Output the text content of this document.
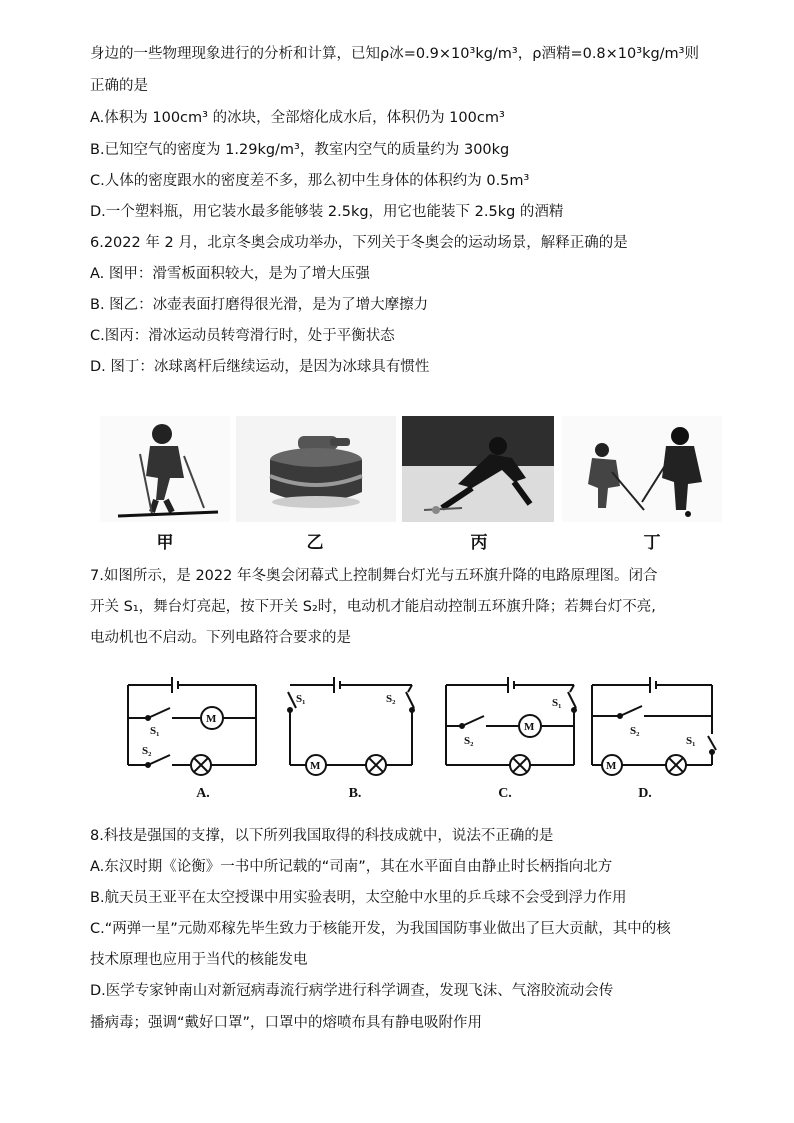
身边的一些物理现象进行的分析和计算，已知ρ冰=0.9×10³kg/m³，ρ酒精=0.8×10³kg/m³则
正确的是
A.体积为 100cm³ 的冰块，全部熔化成水后，体积仍为 100cm³
B.已知空气的密度为 1.29kg/m³，教室内空气的质量约为 300kg
C.人体的密度跟水的密度差不多，那么初中生身体的体积约为 0.5m³
D.一个塑料瓶，用它装水最多能够装 2.5kg，用它也能装下 2.5kg 的酒精
6.2022 年 2 月，北京冬奥会成功举办，下列关于冬奥会的运动场景，解释正确的是
A. 图甲：滑雪板面积较大，是为了增大压强
B. 图乙：冰壶表面打磨得很光滑，是为了增大摩擦力
C.图丙：滑冰运动员转弯滑行时，处于平衡状态
D. 图丁：冰球离杆后继续运动，是因为冰球具有惯性
甲	乙	丙	丁
7.如图所示，是 2022 年冬奥会闭幕式上控制舞台灯光与五环旗升降的电路原理图。闭合
开关 S₁，舞台灯亮起，按下开关 S₂时，电动机才能启动控制五环旗升降；若舞台灯不亮,
电动机也不启动。下列电路符合要求的是
S₁
S₂
M
S₁	S₂
M
S₁
S₂
M	S₂
S₁
M
A.	B.	C.	D.
8.科技是强国的支撑，以下所列我国取得的科技成就中，说法不正确的是
A.东汉时期《论衡》一书中所记载的“司南”，其在水平面自由静止时长柄指向北方
B.航天员王亚平在太空授课中用实验表明，太空舱中水里的乒乓球不会受到浮力作用
C.“两弹一星”元勋邓稼先毕生致力于核能开发，为我国国防事业做出了巨大贡献，其中的核
技术原理也应用于当代的核能发电
D.医学专家钟南山对新冠病毒流行病学进行科学调查，发现飞沫、气溶胶流动会传
播病毒；强调“戴好口罩”，口罩中的熔喷布具有静电吸附作用
